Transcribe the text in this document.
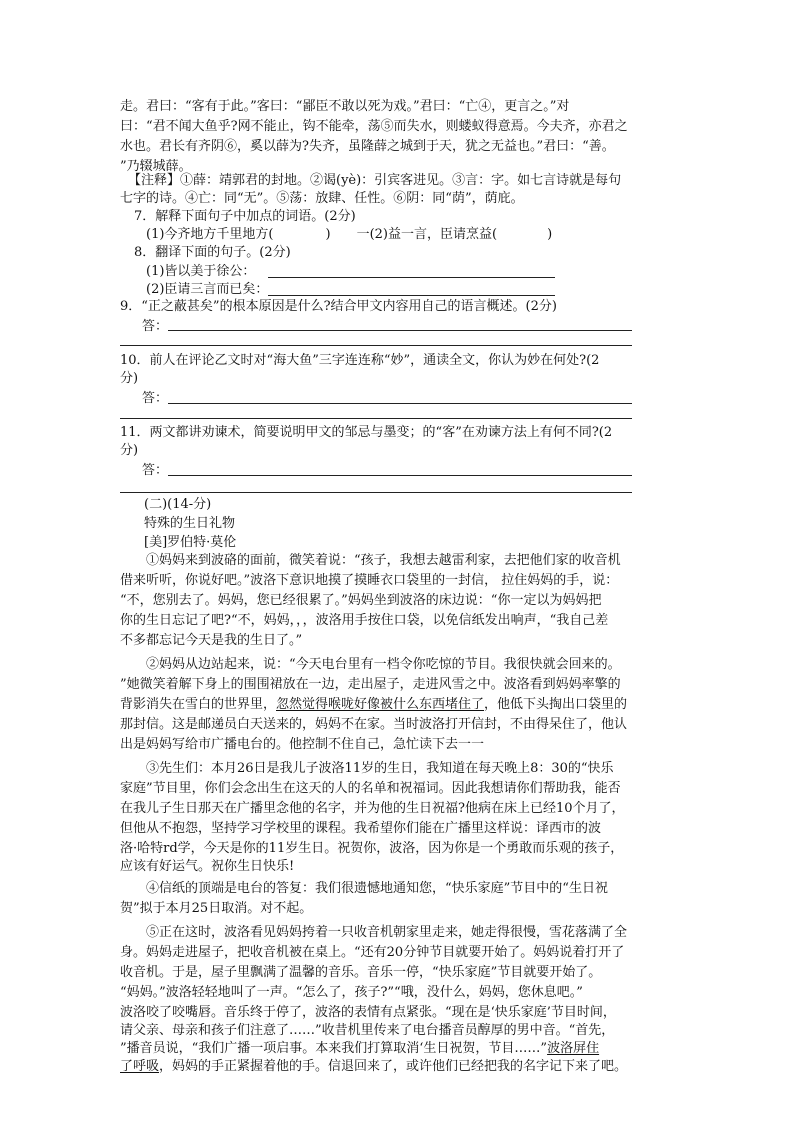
走。君曰：“客有于此。”客曰：“鄙臣不敢以死为戏。”君曰：“亡④，更言之。”对
曰：“君不闻大鱼乎?网不能止，钩不能牵，荡⑤而失水，则蝼蚁得意焉。今夫齐，亦君之
水也。君长有齐阴⑥，奚以薛为?失齐，虽隆薛之城到于天，犹之无益也。”君曰：“善。
”乃辍城薛。
【注释】①薛：靖郭君的封地。②谒(yè)：引宾客进见。③言：字。如七言诗就是每句
七字的诗。④亡：同“无”。⑤荡：放肆、任性。⑥阴：同“荫”，荫庇。
7．解释下面句子中加点的词语。(2分)
(1)今齐地方千里地方(	) 一(2)益一言，臣请烹益(	)
8．翻译下面的句子。(2分)
(1)皆以美于徐公：
(2)臣请三言而已矣：
9．“正之蔽甚矣”的根本原因是什么?结合甲文内容用自己的语言概述。(2分)
答：
10．前人在评论乙文时对“海大鱼”三字连连称“妙”，通读全文，你认为妙在何处?(2
分)
答：
11．两文都讲劝谏术，简要说明甲文的邹忌与墨变；的“客”在劝谏方法上有何不同?(2
分)
答：
(二)(14-分)
特殊的生日礼物
[美]罗伯特·莫伦
①妈妈来到波硌的面前，微笑着说：“孩子，我想去越雷利家，去把他们家的收音机
借来听听，你说好吧。”波洛下意识地摸了摸睡衣口袋里的一封信， 拉住妈妈的手，说：
“不，您别去了。妈妈，您已经很累了。”妈妈坐到波洛的床边说：“你一定以为妈妈把
你的生日忘记了吧?“不，妈妈，，，波洛用手按住口袋，以免信纸发出响声，“我自己差
不多都忘记今天是我的生日了。”
②妈妈从边站起来，说：“今天电台里有一档令你吃惊的节目。我很快就会回来的。
”她微笑着解下身上的围围裙放在一边，走出屋子，走进风雪之中。波洛看到妈妈率擎的
背影消失在雪白的世界里，忽然觉得喉咙好像被什么东西堵住了，他低下头掏出口袋里的
那封信。这是邮递员白天送来的，妈妈不在家。当时波洛打开信封，不由得呆住了，他认
出是妈妈写给市广播电台的。他控制不住自己，急忙读下去一一
③先生们：本月26日是我儿子波洛11岁的生日，我知道在每天晚上8：30的“快乐
家庭”节目里，你们会念出生在这天的人的名单和祝福词。因此我想请你们帮助我，能否
在我儿子生日那天在广播里念他的名字，并为他的生日祝福?他病在床上已经10个月了，
但他从不抱怨，坚持学习学校里的课程。我希望你们能在广播里这样说：译西市的波
洛·哈特rd学，今天是你的11岁生日。祝贺你，波洛，因为你是一个勇敢而乐观的孩子，
应该有好运气。祝你生日快乐!
④信纸的顶端是电台的答复：我们很遗憾地通知您，“快乐家庭”节目中的“生日祝
贺”拟于本月25日取消。对不起。
⑤正在这时，波洛看见妈妈挎着一只收音机朝家里走来，她走得很慢，雪花落满了全
身。妈妈走进屋子，把收音机被在桌上。“还有20分钟节目就要开始了。妈妈说着打开了
收音机。于是，屋子里飘满了温馨的音乐。音乐一停，“快乐家庭”节目就要开始了。
“妈妈。”波洛轻轻地叫了一声。“怎么了，孩子?”“哦，没什么，妈妈，您休息吧。”
波洛咬了咬嘴唇。音乐终于停了，波洛的表情有点紧张。“现在是‘快乐家庭’节目时间，
请父亲、母亲和孩子们注意了……”收昔机里传来了电台播音员醇厚的男中音。“首先，
”播音员说，“我们广播一项启事。本来我们打算取消‘生日祝贺，节目……”波洛屏住
了呼吸，妈妈的手正紧握着他的手。信退回来了，或许他们已经把我的名字记下来了吧。
